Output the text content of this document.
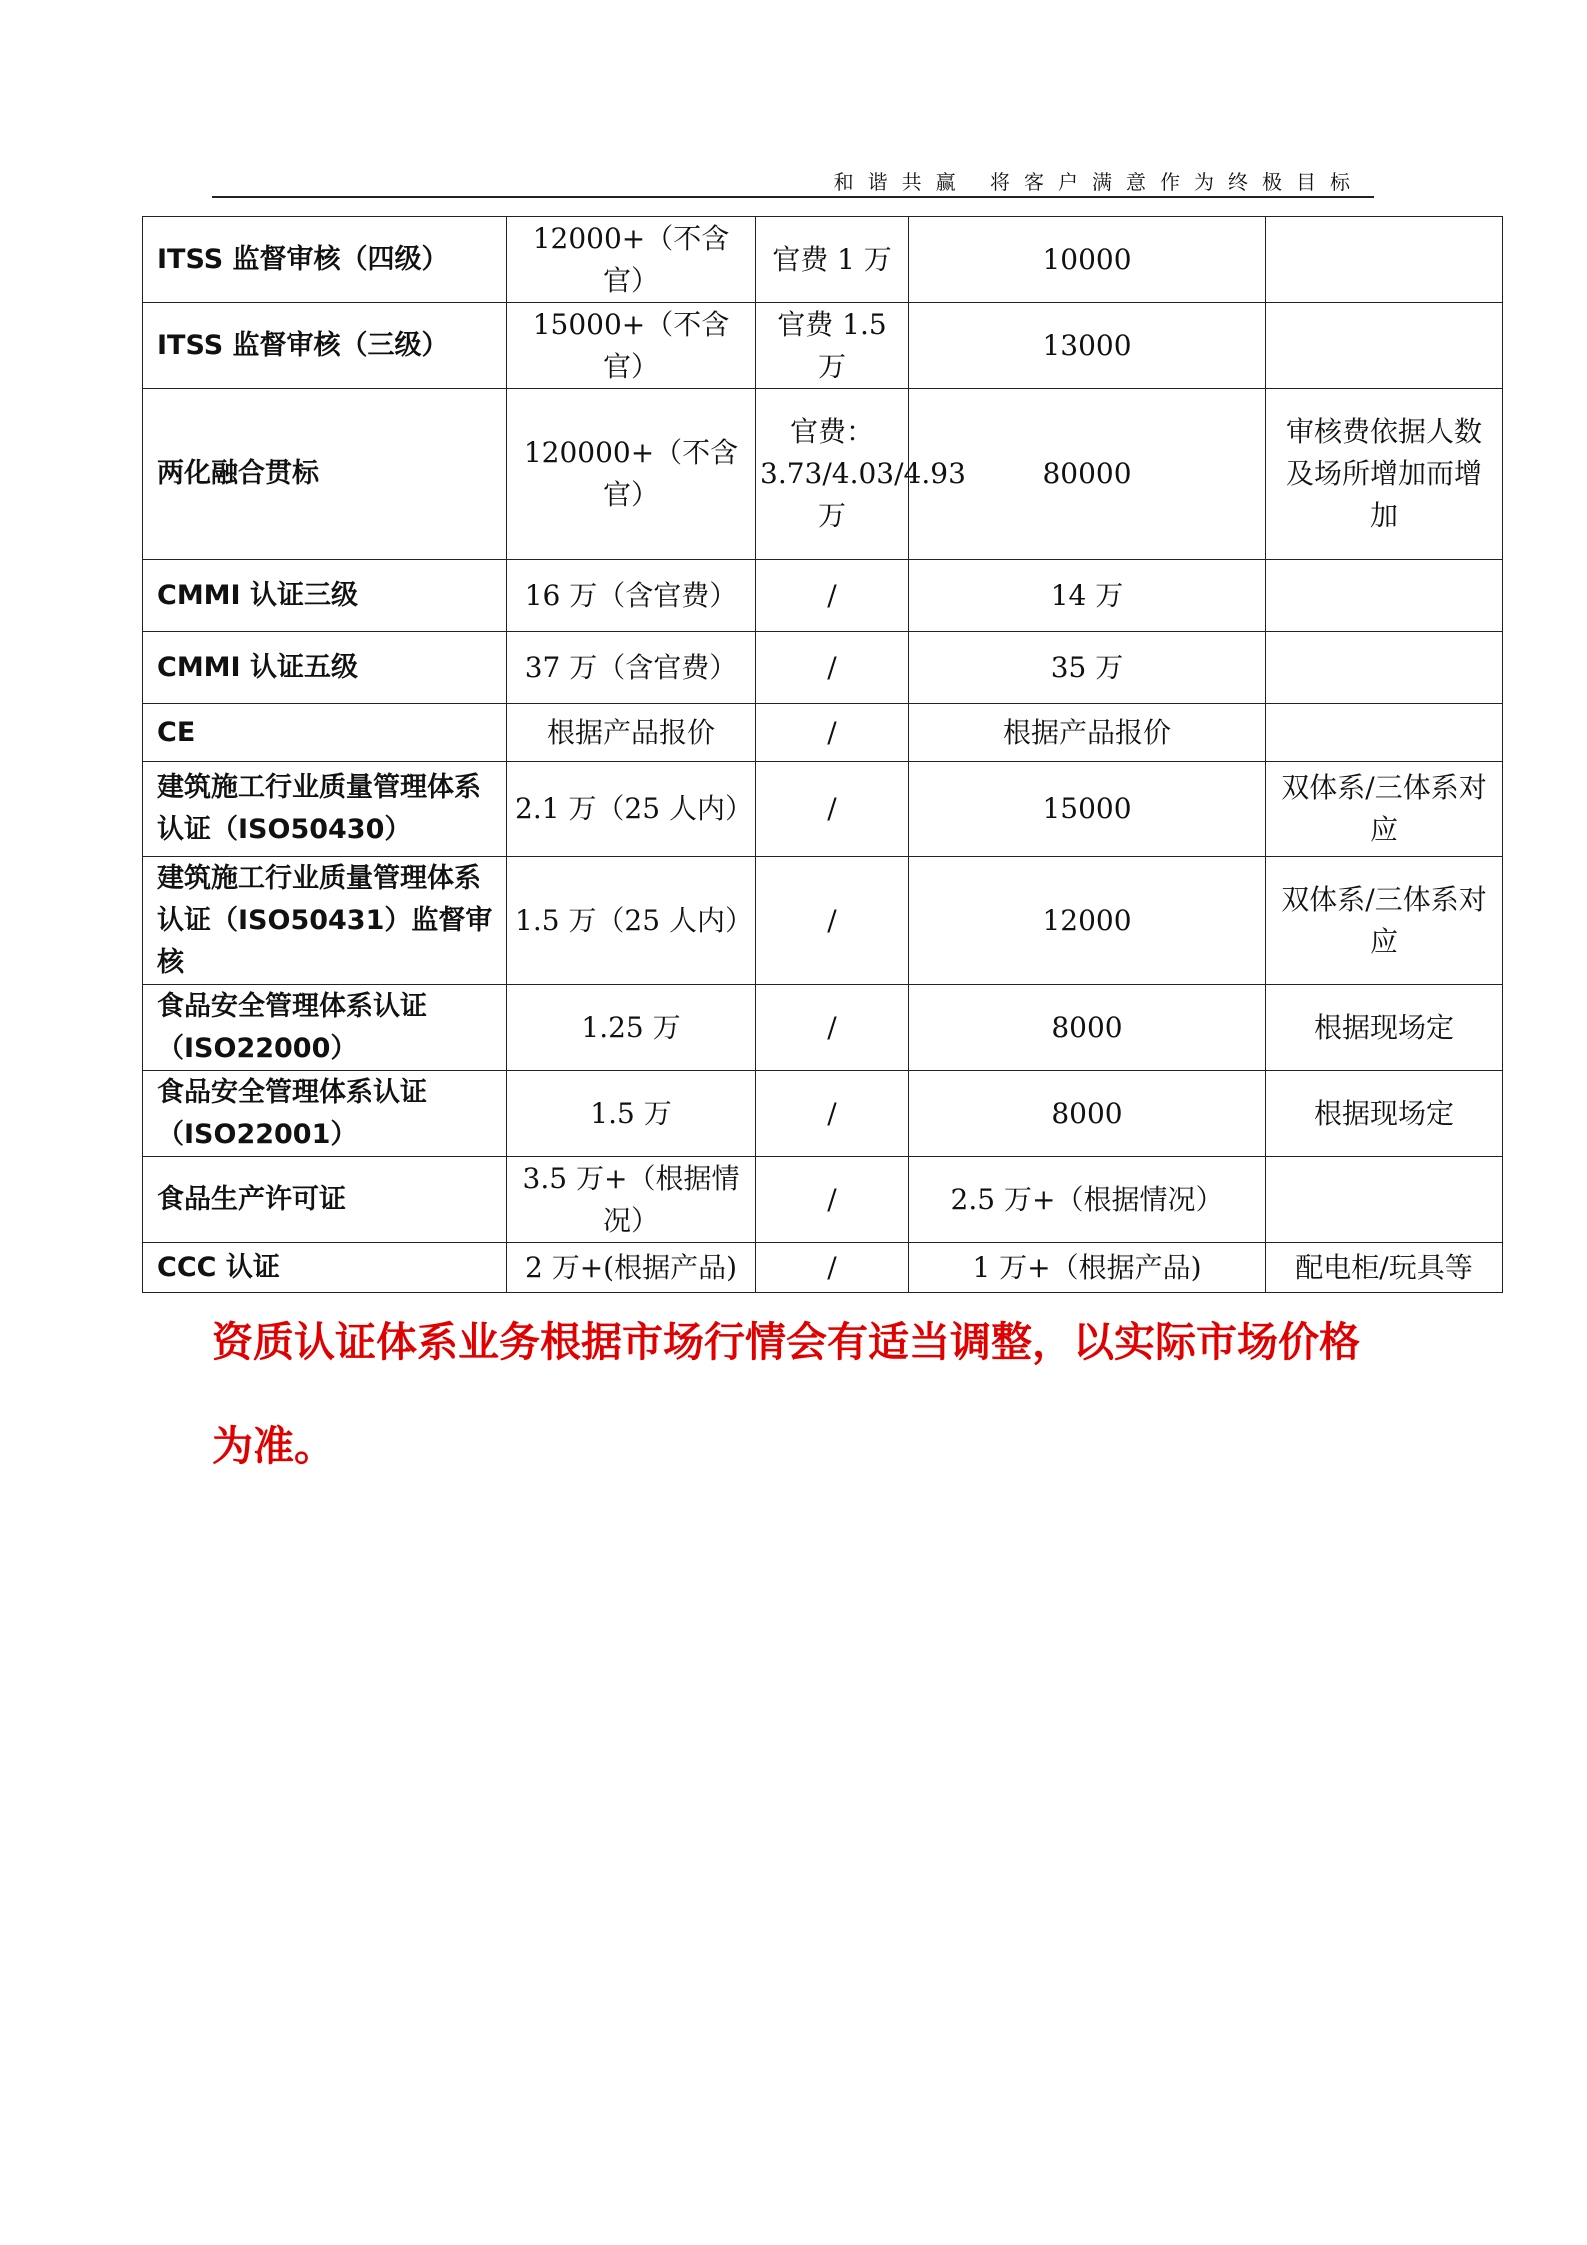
和谐共赢 将客户满意作为终极目标
ITSS 监督审核（四级）	12000+（不含官）	官费 1 万	10000	
ITSS 监督审核（三级）	15000+（不含官）	官费 1.5 万	13000	
两化融合贯标	120000+（不含官）	官费：3.73/4.03/4.93 万	80000	审核费依据人数及场所增加而增加
CMMI 认证三级	16 万（含官费）	/	14 万	
CMMI 认证五级	37 万（含官费）	/	35 万	
CE	根据产品报价	/	根据产品报价	
建筑施工行业质量管理体系认证（ISO50430）	2.1 万（25 人内）	/	15000	双体系/三体系对应
建筑施工行业质量管理体系认证（ISO50431）监督审核	1.5 万（25 人内）	/	12000	双体系/三体系对应
食品安全管理体系认证（ISO22000）	1.25 万	/	8000	根据现场定
食品安全管理体系认证（ISO22001）	1.5 万	/	8000	根据现场定
食品生产许可证	3.5 万+（根据情况）	/	2.5 万+（根据情况）	
CCC 认证	2 万+(根据产品)	/	1 万+（根据产品)	配电柜/玩具等
资质认证体系业务根据市场行情会有适当调整，以实际市场价格为准。
